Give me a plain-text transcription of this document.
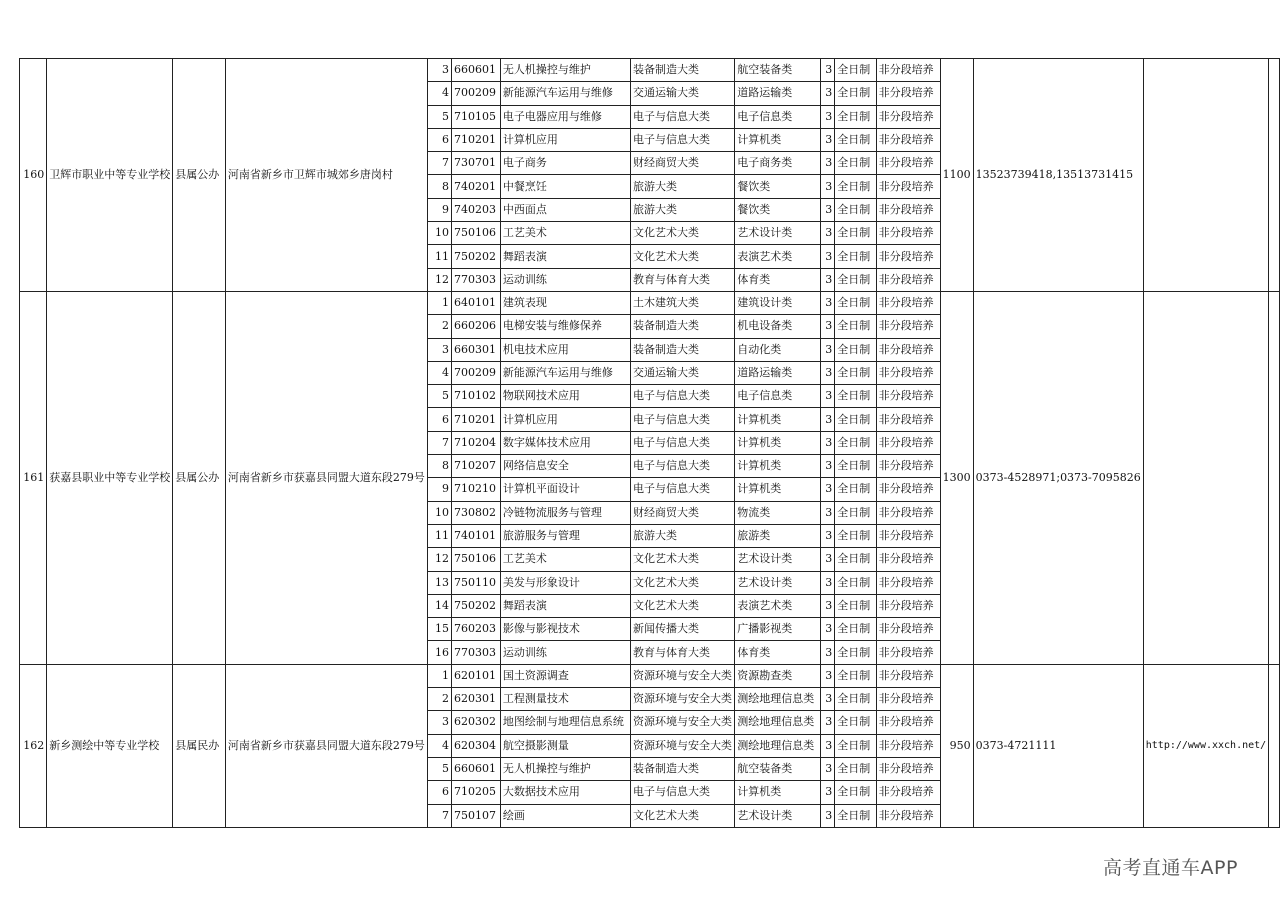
160	卫辉市职业中等专业学校	县属公办	河南省新乡市卫辉市城郊乡唐岗村	3	660601	无人机操控与维护	装备制造大类	航空装备类	3	全日制	非分段培养	1100	13523739418,13513731415		
				4	700209	新能源汽车运用与维修	交通运输大类	道路运输类	3	全日制	非分段培养				
				5	710105	电子电器应用与维修	电子与信息大类	电子信息类	3	全日制	非分段培养				
				6	710201	计算机应用	电子与信息大类	计算机类	3	全日制	非分段培养				
				7	730701	电子商务	财经商贸大类	电子商务类	3	全日制	非分段培养				
				8	740201	中餐烹饪	旅游大类	餐饮类	3	全日制	非分段培养				
				9	740203	中西面点	旅游大类	餐饮类	3	全日制	非分段培养				
				10	750106	工艺美术	文化艺术大类	艺术设计类	3	全日制	非分段培养				
				11	750202	舞蹈表演	文化艺术大类	表演艺术类	3	全日制	非分段培养				
				12	770303	运动训练	教育与体育大类	体育类	3	全日制	非分段培养				
161	获嘉县职业中等专业学校	县属公办	河南省新乡市获嘉县同盟大道东段279号	1	640101	建筑表现	土木建筑大类	建筑设计类	3	全日制	非分段培养	1300	0373-4528971;0373-7095826		
				2	660206	电梯安装与维修保养	装备制造大类	机电设备类	3	全日制	非分段培养				
				3	660301	机电技术应用	装备制造大类	自动化类	3	全日制	非分段培养				
				4	700209	新能源汽车运用与维修	交通运输大类	道路运输类	3	全日制	非分段培养				
				5	710102	物联网技术应用	电子与信息大类	电子信息类	3	全日制	非分段培养				
				6	710201	计算机应用	电子与信息大类	计算机类	3	全日制	非分段培养				
				7	710204	数字媒体技术应用	电子与信息大类	计算机类	3	全日制	非分段培养				
				8	710207	网络信息安全	电子与信息大类	计算机类	3	全日制	非分段培养				
				9	710210	计算机平面设计	电子与信息大类	计算机类	3	全日制	非分段培养				
				10	730802	冷链物流服务与管理	财经商贸大类	物流类	3	全日制	非分段培养				
				11	740101	旅游服务与管理	旅游大类	旅游类	3	全日制	非分段培养				
				12	750106	工艺美术	文化艺术大类	艺术设计类	3	全日制	非分段培养				
				13	750110	美发与形象设计	文化艺术大类	艺术设计类	3	全日制	非分段培养				
				14	750202	舞蹈表演	文化艺术大类	表演艺术类	3	全日制	非分段培养				
				15	760203	影像与影视技术	新闻传播大类	广播影视类	3	全日制	非分段培养				
				16	770303	运动训练	教育与体育大类	体育类	3	全日制	非分段培养				
162	新乡测绘中等专业学校	县属民办	河南省新乡市获嘉县同盟大道东段279号	1	620101	国土资源调查	资源环境与安全大类	资源勘查类	3	全日制	非分段培养	950	0373-4721111	http://www.xxch.net/	
				2	620301	工程测量技术	资源环境与安全大类	测绘地理信息类	3	全日制	非分段培养				
				3	620302	地图绘制与地理信息系统	资源环境与安全大类	测绘地理信息类	3	全日制	非分段培养				
				4	620304	航空摄影测量	资源环境与安全大类	测绘地理信息类	3	全日制	非分段培养				
				5	660601	无人机操控与维护	装备制造大类	航空装备类	3	全日制	非分段培养				
				6	710205	大数据技术应用	电子与信息大类	计算机类	3	全日制	非分段培养				
				7	750107	绘画	文化艺术大类	艺术设计类	3	全日制	非分段培养				
高考直通车APP
